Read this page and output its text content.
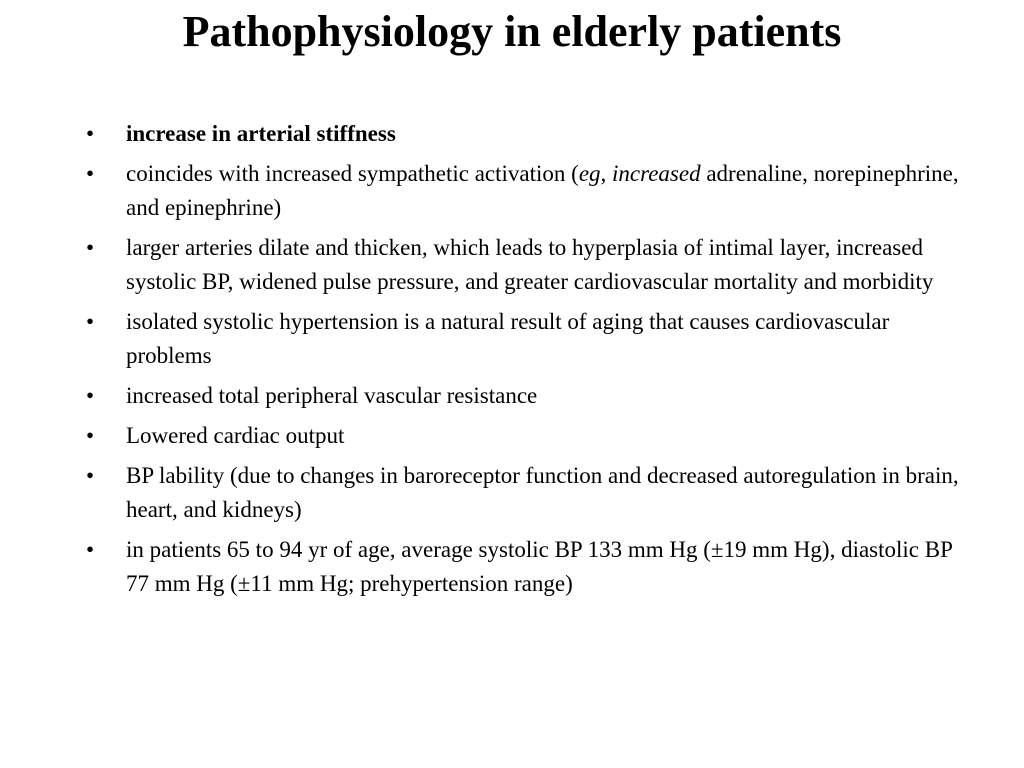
Pathophysiology in elderly patients
• increase in arterial stiffness
• coincides with increased sympathetic activation (eg, increased adrenaline, norepinephrine, and epinephrine)
• larger arteries dilate and thicken, which leads to hyperplasia of intimal layer, increased systolic BP, widened pulse pressure, and greater cardiovascular mortality and morbidity
• isolated systolic hypertension is a natural result of aging that causes cardiovascular problems
• increased total peripheral vascular resistance
• Lowered cardiac output
• BP lability (due to changes in baroreceptor function and decreased autoregulation in brain, heart, and kidneys)
• in patients 65 to 94 yr of age, average systolic BP 133 mm Hg (±19 mm Hg), diastolic BP 77 mm Hg (±11 mm Hg; prehypertension range)
